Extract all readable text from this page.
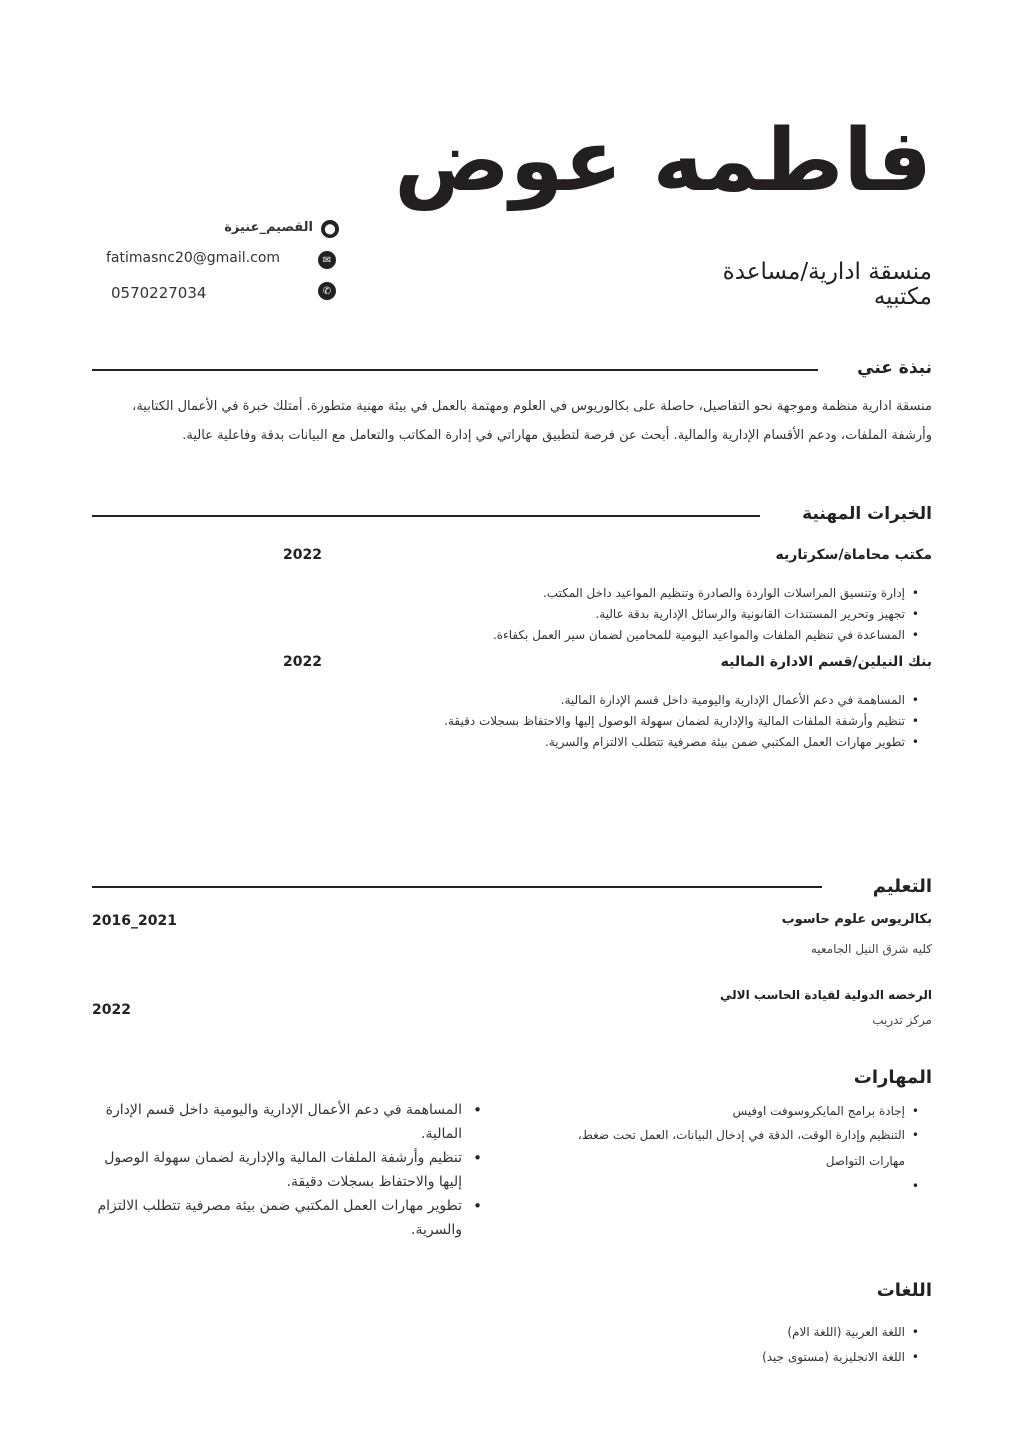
فاطمه عوض
منسقة ادارية/مساعدة مكتبيه
القصيم_عنيزة	⬤
fatimasnc20@gmail.com	✉
0570227034	✆
نبذة عني
منسقة ادارية منظمة وموجهة نحو التفاصيل، حاصلة على بكالوريوس في العلوم ومهتمة بالعمل في بيئة مهنية متطورة. أمتلك خبرة في الأعمال الكتابية، وأرشفة الملفات، ودعم الأقسام الإدارية والمالية. أبحث عن فرصة لتطبيق مهاراتي في إدارة المكاتب والتعامل مع البيانات بدقة وفاعلية عالية.
الخبرات المهنية
مكتب محاماة/سكرتاريه
2022
• إدارة وتنسيق المراسلات الواردة والصادرة وتنظيم المواعيد داخل المكتب.
• تجهيز وتحرير المستندات القانونية والرسائل الإدارية بدقة عالية.
• المساعدة في تنظيم الملفات والمواعيد اليومية للمحامين لضمان سير العمل بكفاءة.
بنك النيلين/قسم الادارة الماليه
2022
• المساهمة في دعم الأعمال الإدارية واليومية داخل قسم الإدارة المالية.
• تنظيم وأرشفة الملفات المالية والإدارية لضمان سهولة الوصول إليها والاحتفاظ بسجلات دقيقة.
• تطوير مهارات العمل المكتبي ضمن بيئة مصرفية تتطلب الالتزام والسرية.
التعليم
بكالريوس علوم حاسوب
2016_2021
كليه شرق النيل الجامعيه
الرخصه الدولية لقيادة الحاسب الالي
2022
مركز تدريب
المهارات
• إجادة برامج المايكروسوفت اوفيس
• التنظيم وإدارة الوقت، الدقة في إدخال البيانات، العمل تحت ضغط، مهارات التواصل
•
• المساهمة في دعم الأعمال الإدارية واليومية داخل قسم الإدارة المالية.
• تنظيم وأرشفة الملفات المالية والإدارية لضمان سهولة الوصول إليها والاحتفاظ بسجلات دقيقة.
• تطوير مهارات العمل المكتبي ضمن بيئة مصرفية تتطلب الالتزام والسرية.
اللغات
• اللغة العربية (اللغة الام)
• اللغة الانجليزية (مستوى جيد)
